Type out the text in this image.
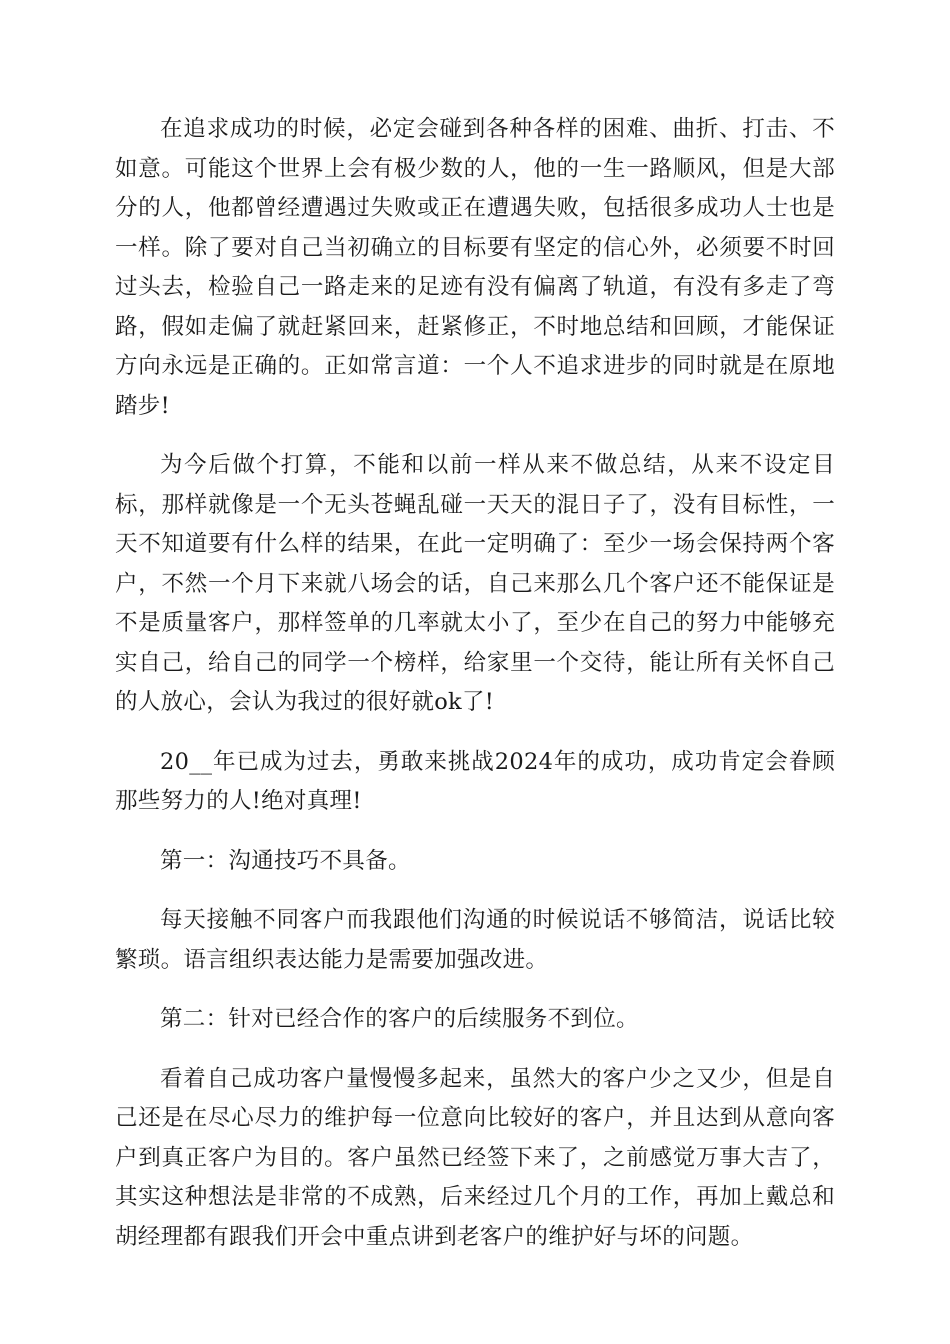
在追求成功的时候，必定会碰到各种各样的困难、曲折、打击、不如意。可能这个世界上会有极少数的人，他的一生一路顺风，但是大部分的人，他都曾经遭遇过失败或正在遭遇失败，包括很多成功人士也是一样。除了要对自己当初确立的目标要有坚定的信心外，必须要不时回过头去，检验自己一路走来的足迹有没有偏离了轨道，有没有多走了弯路，假如走偏了就赶紧回来，赶紧修正，不时地总结和回顾，才能保证方向永远是正确的。正如常言道：一个人不追求进步的同时就是在原地踏步!

为今后做个打算，不能和以前一样从来不做总结，从来不设定目标，那样就像是一个无头苍蝇乱碰一天天的混日子了，没有目标性，一天不知道要有什么样的结果，在此一定明确了：至少一场会保持两个客户，不然一个月下来就八场会的话，自己来那么几个客户还不能保证是不是质量客户，那样签单的几率就太小了，至少在自己的努力中能够充实自己，给自己的同学一个榜样，给家里一个交待，能让所有关怀自己的人放心，会认为我过的很好就ok了!

20__年已成为过去，勇敢来挑战2024年的成功，成功肯定会眷顾那些努力的人!绝对真理!

第一：沟通技巧不具备。

每天接触不同客户而我跟他们沟通的时候说话不够简洁，说话比较繁琐。语言组织表达能力是需要加强改进。

第二：针对已经合作的客户的后续服务不到位。

看着自己成功客户量慢慢多起来，虽然大的客户少之又少，但是自己还是在尽心尽力的维护每一位意向比较好的客户，并且达到从意向客户到真正客户为目的。客户虽然已经签下来了，之前感觉万事大吉了，其实这种想法是非常的不成熟，后来经过几个月的工作，再加上戴总和胡经理都有跟我们开会中重点讲到老客户的维护好与坏的问题。
